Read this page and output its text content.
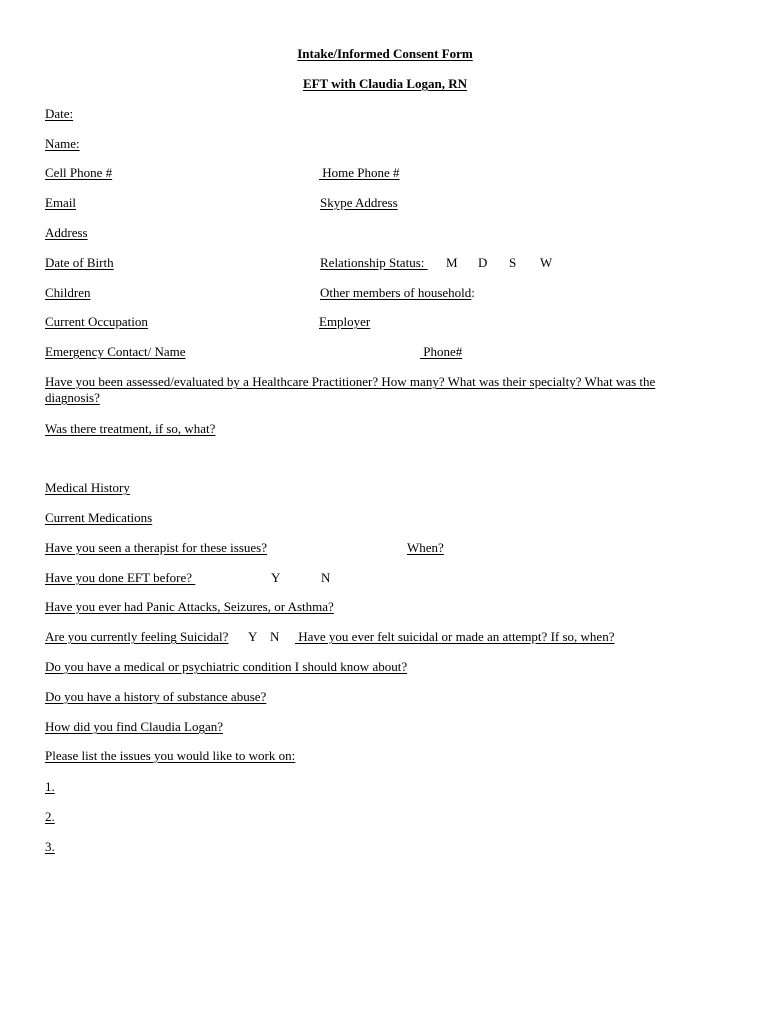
Intake/Informed Consent Form
EFT with Claudia Logan, RN
Date:
Name:
Cell Phone #	Home Phone #
Email	Skype Address
Address
Date of Birth	Relationship Status: M D S W
Children	Other members of household:
Current Occupation	Employer
Emergency Contact/ Name	Phone#
Have you been assessed/evaluated by a Healthcare Practitioner? How many? What was their specialty? What was the diagnosis?
Was there treatment, if so, what?
Medical History
Current Medications
Have you seen a therapist for these issues?	When?
Have you done EFT before?	Y	N
Have you ever had Panic Attacks, Seizures, or Asthma?
Are you currently feeling Suicidal? Y N Have you ever felt suicidal or made an attempt? If so, when?
Do you have a medical or psychiatric condition I should know about?
Do you have a history of substance abuse?
How did you find Claudia Logan?
Please list the issues you would like to work on:
1.
2.
3.
